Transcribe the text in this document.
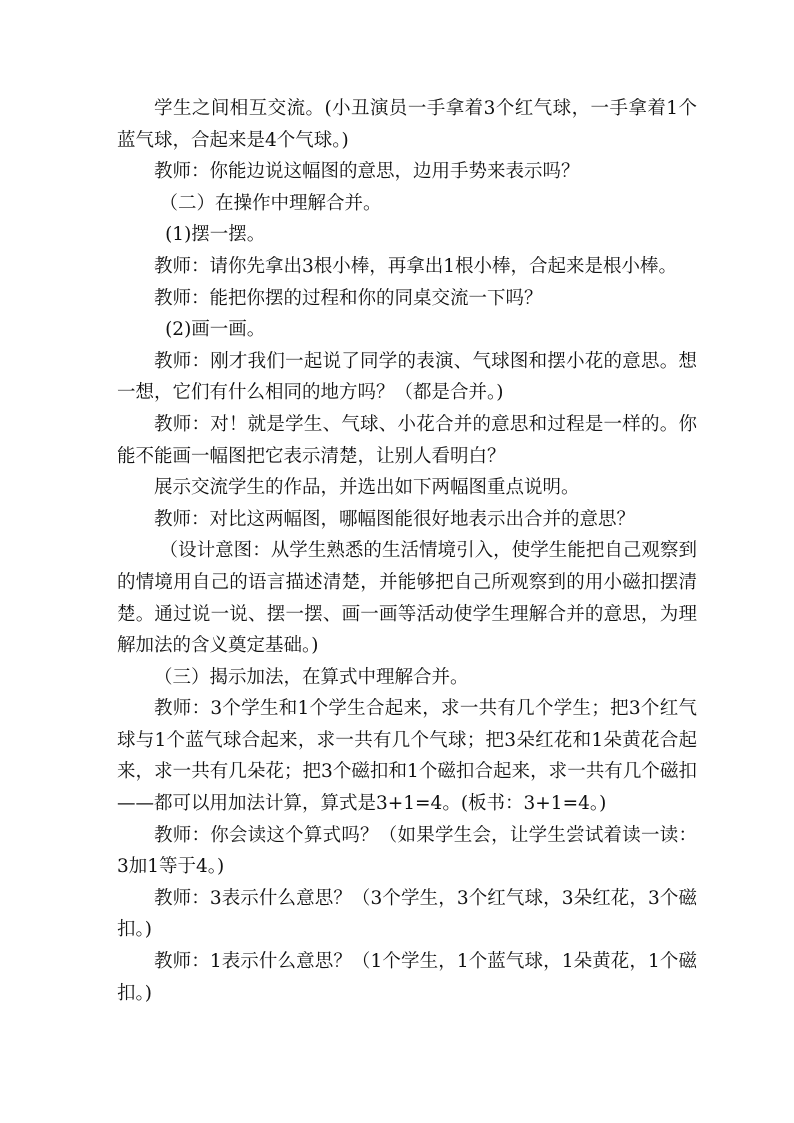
学生之间相互交流。(小丑演员一手拿着3个红气球，一手拿着1个蓝气球，合起来是4个气球。)

教师：你能边说这幅图的意思，边用手势来表示吗？

（二）在操作中理解合并。

(1)摆一摆。

教师：请你先拿出3根小棒，再拿出1根小棒，合起来是根小棒。

教师：能把你摆的过程和你的同桌交流一下吗？

(2)画一画。

教师：刚才我们一起说了同学的表演、气球图和摆小花的意思。想一想，它们有什么相同的地方吗？（都是合并。)

教师：对！就是学生、气球、小花合并的意思和过程是一样的。你能不能画一幅图把它表示清楚，让别人看明白？

展示交流学生的作品，并选出如下两幅图重点说明。

教师：对比这两幅图，哪幅图能很好地表示出合并的意思？

（设计意图：从学生熟悉的生活情境引入，使学生能把自己观察到的情境用自己的语言描述清楚，并能够把自己所观察到的用小磁扣摆清楚。通过说一说、摆一摆、画一画等活动使学生理解合并的意思，为理解加法的含义奠定基础。)

（三）揭示加法，在算式中理解合并。

教师：3个学生和1个学生合起来，求一共有几个学生；把3个红气球与1个蓝气球合起来，求一共有几个气球；把3朵红花和1朵黄花合起来，求一共有几朵花；把3个磁扣和1个磁扣合起来，求一共有几个磁扣——都可以用加法计算，算式是3+1=4。(板书：3+1=4。)

教师：你会读这个算式吗？（如果学生会，让学生尝试着读一读：3加1等于4。)

教师：3表示什么意思？（3个学生，3个红气球，3朵红花，3个磁扣。)

教师：1表示什么意思？（1个学生，1个蓝气球，1朵黄花，1个磁扣。)
